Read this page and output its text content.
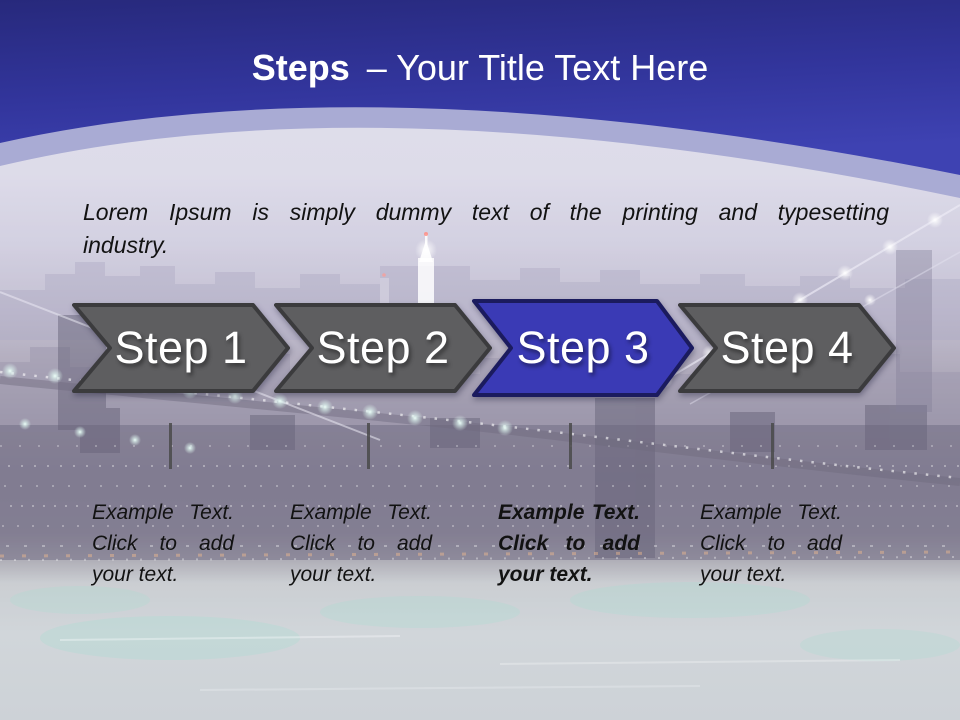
Steps – Your Title Text Here
Lorem Ipsum is simply dummy text of the printing and typesetting
industry.
Step 1 Step 2 Step 3 Step 4
Example Text. Click to add your text.
Example Text. Click to add your text.
Example Text. Click to add your text.
Example Text. Click to add your text.
